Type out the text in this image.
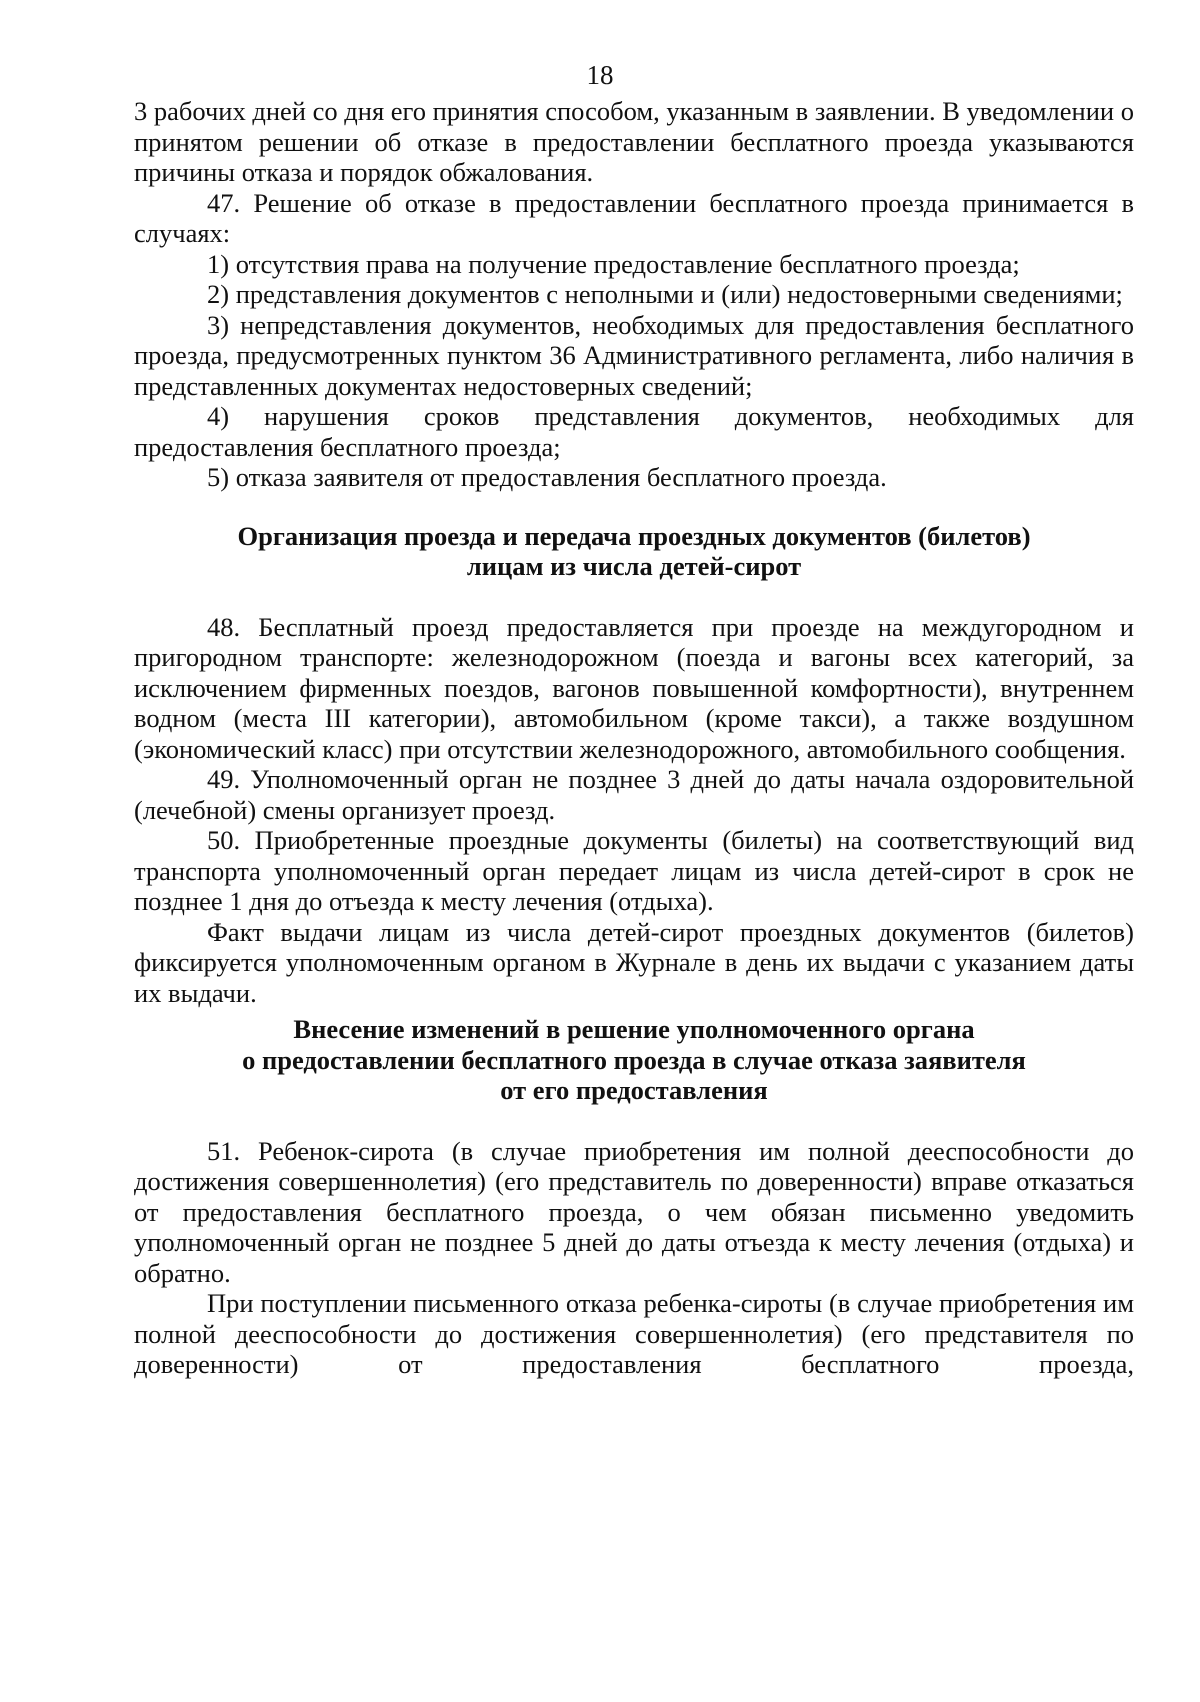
18

3 рабочих дней со дня его принятия способом, указанным в заявлении. В уведомлении о принятом решении об отказе в предоставлении бесплатного проезда указываются причины отказа и порядок обжалования.

47. Решение об отказе в предоставлении бесплатного проезда принимается в случаях:

1) отсутствия права на получение предоставление бесплатного проезда;

2) представления документов с неполными и (или) недостоверными сведениями;

3) непредставления документов, необходимых для предоставления бесплатного проезда, предусмотренных пунктом 36 Административного регламента, либо наличия в представленных документах недостоверных сведений;

4) нарушения сроков представления документов, необходимых для предоставления бесплатного проезда;

5) отказа заявителя от предоставления бесплатного проезда.

Организация проезда и передача проездных документов (билетов)
лицам из числа детей-сирот

48. Бесплатный проезд предоставляется при проезде на междугородном и пригородном транспорте: железнодорожном (поезда и вагоны всех категорий, за исключением фирменных поездов, вагонов повышенной комфортности), внутреннем водном (места III категории), автомобильном (кроме такси), а также воздушном (экономический класс) при отсутствии железнодорожного, автомобильного сообщения.

49. Уполномоченный орган не позднее 3 дней до даты начала оздоровительной (лечебной) смены организует проезд.

50. Приобретенные проездные документы (билеты) на соответствующий вид транспорта уполномоченный орган передает лицам из числа детей-сирот в срок не позднее 1 дня до отъезда к месту лечения (отдыха).

Факт выдачи лицам из числа детей-сирот проездных документов (билетов) фиксируется уполномоченным органом в Журнале в день их выдачи с указанием даты их выдачи.

Внесение изменений в решение уполномоченного органа
о предоставлении бесплатного проезда в случае отказа заявителя
от его предоставления

51. Ребенок-сирота (в случае приобретения им полной дееспособности до достижения совершеннолетия) (его представитель по доверенности) вправе отказаться от предоставления бесплатного проезда, о чем обязан письменно уведомить уполномоченный орган не позднее 5 дней до даты отъезда к месту лечения (отдыха) и обратно.

При поступлении письменного отказа ребенка-сироты (в случае приобретения им полной дееспособности до достижения совершеннолетия) (его представителя по доверенности) от предоставления бесплатного проезда,
